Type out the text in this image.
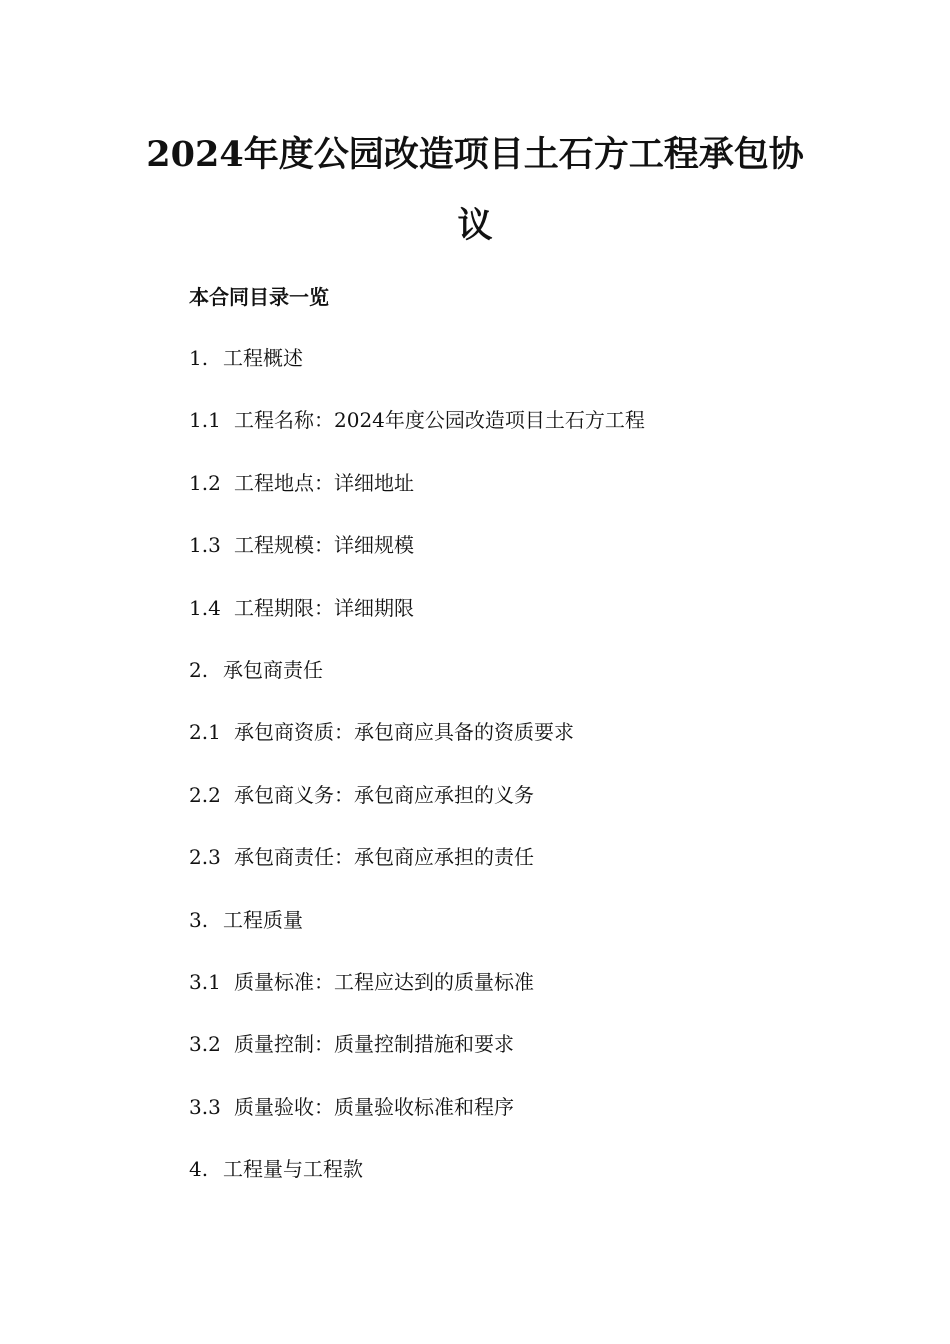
2024年度公园改造项目土石方工程承包协
议
本合同目录一览
1. 工程概述
1.1 工程名称：2024年度公园改造项目土石方工程
1.2 工程地点：详细地址
1.3 工程规模：详细规模
1.4 工程期限：详细期限
2. 承包商责任
2.1 承包商资质：承包商应具备的资质要求
2.2 承包商义务：承包商应承担的义务
2.3 承包商责任：承包商应承担的责任
3. 工程质量
3.1 质量标准：工程应达到的质量标准
3.2 质量控制：质量控制措施和要求
3.3 质量验收：质量验收标准和程序
4. 工程量与工程款
